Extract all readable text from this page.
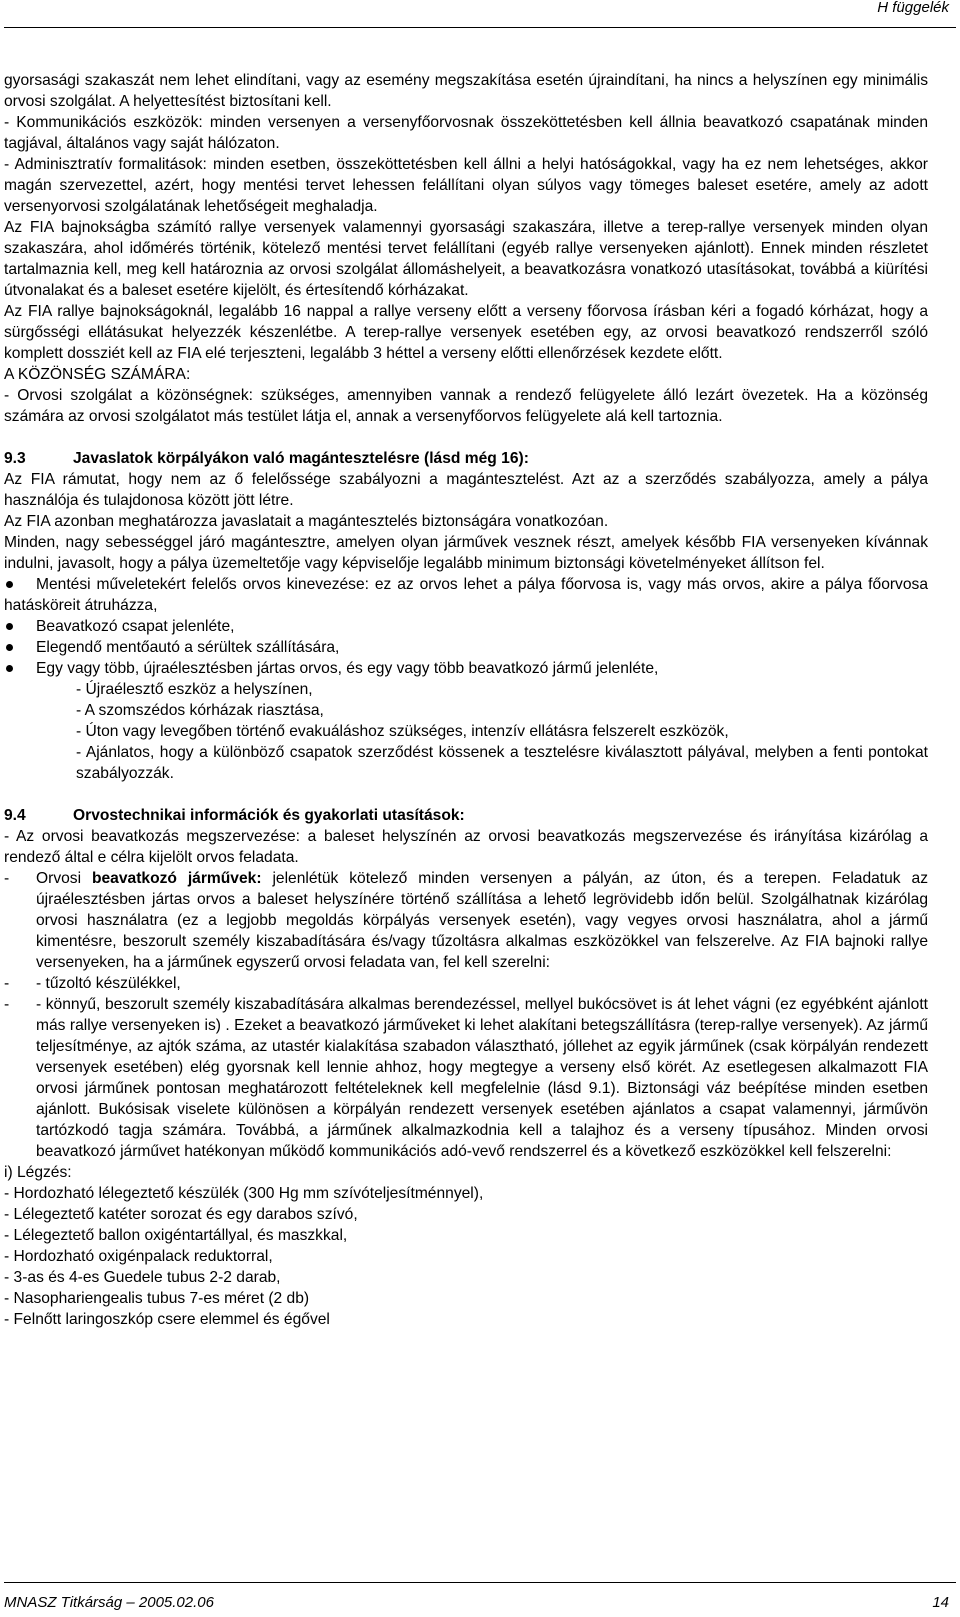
H függelék

gyorsasági szakaszát nem lehet elindítani, vagy az esemény megszakítása esetén újraindítani, ha nincs a helyszínen egy minimális orvosi szolgálat. A helyettesítést biztosítani kell.

- Kommunikációs eszközök: minden versenyen a versenyfőorvosnak összeköttetésben kell állnia beavatkozó csapatának minden tagjával, általános vagy saját hálózaton.

- Adminisztratív formalitások: minden esetben, összeköttetésben kell állni a helyi hatóságokkal, vagy ha ez nem lehetséges, akkor magán szervezettel, azért, hogy mentési tervet lehessen felállítani olyan súlyos vagy tömeges baleset esetére, amely az adott versenyorvosi szolgálatának lehetőségeit meghaladja.

Az FIA bajnokságba számító rallye versenyek valamennyi gyorsasági szakaszára, illetve a terep-rallye versenyek minden olyan szakaszára, ahol időmérés történik, kötelező mentési tervet felállítani (egyéb rallye versenyeken ajánlott). Ennek minden részletet tartalmaznia kell, meg kell határoznia az orvosi szolgálat állomáshelyeit, a beavatkozásra vonatkozó utasításokat, továbbá a kiürítési útvonalakat és a baleset esetére kijelölt, és értesítendő kórházakat.

Az FIA rallye bajnokságoknál, legalább 16 nappal a rallye verseny előtt a verseny főorvosa írásban kéri a fogadó kórházat, hogy a sürgősségi ellátásukat helyezzék készenlétbe. A terep-rallye versenyek esetében egy, az orvosi beavatkozó rendszerről szóló komplett dossziét kell az FIA elé terjeszteni, legalább 3 héttel a verseny előtti ellenőrzések kezdete előtt.

A KÖZÖNSÉG SZÁMÁRA:

- Orvosi szolgálat a közönségnek: szükséges, amennyiben vannak a rendező felügyelete álló lezárt övezetek. Ha a közönség számára az orvosi szolgálatot más testület látja el, annak a versenyfőorvos felügyelete alá kell tartoznia.

9.3	Javaslatok körpályákon való magántesztelésre (lásd még 16):

Az FIA rámutat, hogy nem az ő felelőssége szabályozni a magántesztelést. Azt az a szerződés szabályozza, amely a pálya használója és tulajdonosa között jött létre.

Az FIA azonban meghatározza javaslatait a magántesztelés biztonságára vonatkozóan.

Minden, nagy sebességgel járó magántesztre, amelyen olyan járművek vesznek részt, amelyek később FIA versenyeken kívánnak indulni, javasolt, hogy a pálya üzemeltetője vagy képviselője legalább minimum biztonsági követelményeket állítson fel.

Mentési műveletekért felelős orvos kinevezése: ez az orvos lehet a pálya főorvosa is, vagy más orvos, akire a pálya főorvosa hatásköreit átruházza,
Beavatkozó csapat jelenléte,
Elegendő mentőautó a sérültek szállítására,
Egy vagy több, újraélesztésben jártas orvos, és egy vagy több beavatkozó jármű jelenléte,

- Újraélesztő eszköz a helyszínen,

- A szomszédos kórházak riasztása,

- Úton vagy levegőben történő evakuáláshoz szükséges, intenzív ellátásra felszerelt eszközök,

- Ajánlatos, hogy a különböző csapatok szerződést kössenek a tesztelésre kiválasztott pályával, melyben a fenti pontokat szabályozzák.

9.4	Orvostechnikai információk és gyakorlati utasítások:

- Az orvosi beavatkozás megszervezése: a baleset helyszínén az orvosi beavatkozás megszervezése és irányítása kizárólag a rendező által e célra kijelölt orvos feladata.

- Orvosi beavatkozó járművek: jelenlétük kötelező minden versenyen a pályán, az úton, és a terepen. Feladatuk az újraélesztésben jártas orvos a baleset helyszínére történő szállítása a lehető legrövidebb időn belül. Szolgálhatnak kizárólag orvosi használatra (ez a legjobb megoldás körpályás versenyek esetén), vagy vegyes orvosi használatra, ahol a jármű kimentésre, beszorult személy kiszabadítására és/vagy tűzoltásra alkalmas eszközökkel van felszerelve. Az FIA bajnoki rallye versenyeken, ha a járműnek egyszerű orvosi feladata van, fel kell szerelni:

- - tűzoltó készülékkel,

- - könnyű, beszorult személy kiszabadítására alkalmas berendezéssel, mellyel bukócsövet is át lehet vágni (ez egyébként ajánlott más rallye versenyeken is) . Ezeket a beavatkozó járműveket ki lehet alakítani betegszállításra (terep-rallye versenyek). Az jármű teljesítménye, az ajtók száma, az utastér kialakítása szabadon választható, jóllehet az egyik járműnek (csak körpályán rendezett versenyek esetében) elég gyorsnak kell lennie ahhoz, hogy megtegye a verseny első körét. Az esetlegesen alkalmazott FIA orvosi járműnek pontosan meghatározott feltételeknek kell megfelelnie (lásd 9.1). Biztonsági váz beépítése minden esetben ajánlott. Bukósisak viselete különösen a körpályán rendezett versenyek esetében ajánlatos a csapat valamennyi, járművön tartózkodó tagja számára. Továbbá, a járműnek alkalmazkodnia kell a talajhoz és a verseny típusához. Minden orvosi beavatkozó járművet hatékonyan működő kommunikációs adó-vevő rendszerrel és a következő eszközökkel kell felszerelni:

i) Légzés:

- Hordozható lélegeztető készülék (300 Hg mm szívóteljesítménnyel),

- Lélegeztető katéter sorozat és egy darabos szívó,

- Lélegeztető ballon oxigéntartállyal, és maszkkal,

- Hordozható oxigénpalack reduktorral,

- 3-as és 4-es Guedele tubus 2-2 darab,

- Nasophariengealis tubus 7-es méret (2 db)

- Felnőtt laringoszkóp csere elemmel és égővel

MNASZ Titkárság – 2005.02.06	14
